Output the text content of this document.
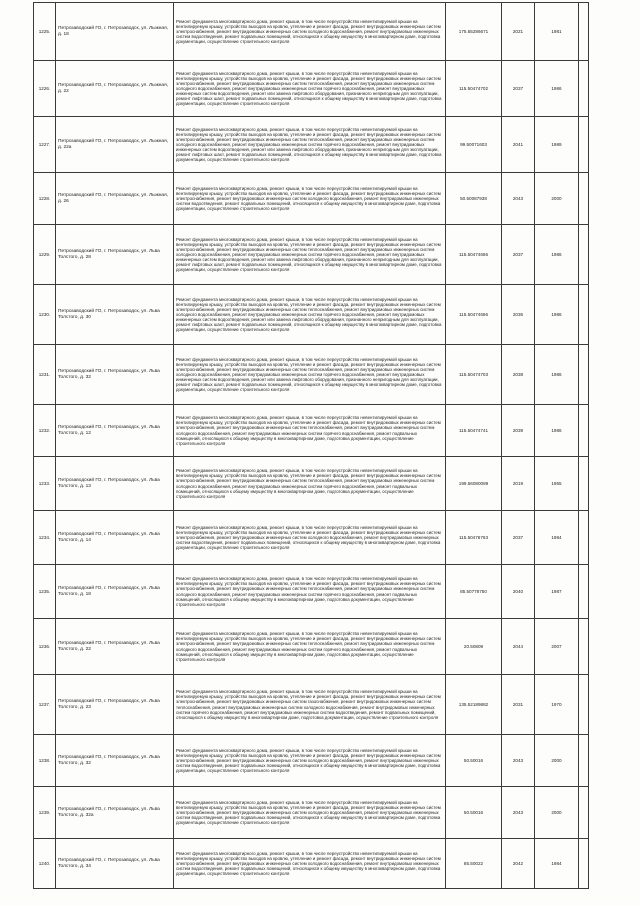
1225.	Петрозаводский ГО, г. Петрозаводск, ул. Лыжная, д. 18	Ремонт фундамента многоквартирного дома, ремонт крыши, в том числе переустройство невентилируемой крыши на вентилируемую крышу, устройство выходов на кровлю, утепление и ремонт фасада, ремонт внутридомовых инженерных систем электроснабжения, ремонт внутридомовых инженерных систем холодного водоснабжения, ремонт внутридомовых инженерных систем водоотведения, ремонт подвальных помещений, относящихся к общему имуществу в многоквартирном доме, подготовка документации, осуществление строительного контроля	175.55286671	2021	1981	
1226.	Петрозаводский ГО, г. Петрозаводск, ул. Лыжная, д. 22	Ремонт фундамента многоквартирного дома, ремонт крыши, в том числе переустройство невентилируемой крыши на вентилируемую крышу, устройство выходов на кровлю, утепление и ремонт фасада, ремонт внутридомовых инженерных систем электроснабжения, ремонт внутридомовых инженерных систем теплоснабжения, ремонт внутридомовых инженерных систем холодного водоснабжения, ремонт внутридомовых инженерных систем горячего водоснабжения, ремонт внутридомовых инженерных систем водоотведения, ремонт или замена лифтового оборудования, признанного непригодным для эксплуатации, ремонт лифтовых шахт, ремонт подвальных помещений, относящихся к общему имуществу в многоквартирном доме, подготовка документации, осуществление строительного контроля	115.50474702	2037	1986	
1227.	Петрозаводский ГО, г. Петрозаводск, ул. Лыжная, д. 22а	Ремонт фундамента многоквартирного дома, ремонт крыши, в том числе переустройство невентилируемой крыши на вентилируемую крышу, устройство выходов на кровлю, утепление и ремонт фасада, ремонт внутридомовых инженерных систем электроснабжения, ремонт внутридомовых инженерных систем теплоснабжения, ремонт внутридомовых инженерных систем холодного водоснабжения, ремонт внутридомовых инженерных систем горячего водоснабжения, ремонт внутридомовых инженерных систем водоотведения, ремонт или замена лифтового оборудования, признанного непригодным для эксплуатации, ремонт лифтовых шахт, ремонт подвальных помещений, относящихся к общему имуществу в многоквартирном доме, подготовка документации, осуществление строительного контроля	99.50071603	2041	1989	
1228.	Петрозаводский ГО, г. Петрозаводск, ул. Лыжная, д. 26	Ремонт фундамента многоквартирного дома, ремонт крыши, в том числе переустройство невентилируемой крыши на вентилируемую крышу, устройство выходов на кровлю, утепление и ремонт фасада, ремонт внутридомовых инженерных систем электроснабжения, ремонт внутридомовых инженерных систем холодного водоснабжения, ремонт внутридомовых инженерных систем водоотведения, ремонт подвальных помещений, относящихся к общему имуществу в многоквартирном доме, подготовка документации, осуществление строительного контроля	50.50087938	2043	2000	
1229.	Петрозаводский ГО, г. Петрозаводск, ул. Льва Толстого, д. 28	Ремонт фундамента многоквартирного дома, ремонт крыши, в том числе переустройство невентилируемой крыши на вентилируемую крышу, устройство выходов на кровлю, утепление и ремонт фасада, ремонт внутридомовых инженерных систем электроснабжения, ремонт внутридомовых инженерных систем теплоснабжения, ремонт внутридомовых инженерных систем холодного водоснабжения, ремонт внутридомовых инженерных систем горячего водоснабжения, ремонт внутридомовых инженерных систем водоотведения, ремонт или замена лифтового оборудования, признанного непригодным для эксплуатации, ремонт лифтовых шахт, ремонт подвальных помещений, относящихся к общему имуществу в многоквартирном доме, подготовка документации, осуществление строительного контроля	115.50474666	2037	1986	
1230.	Петрозаводский ГО, г. Петрозаводск, ул. Льва Толстого, д. 30	Ремонт фундамента многоквартирного дома, ремонт крыши, в том числе переустройство невентилируемой крыши на вентилируемую крышу, устройство выходов на кровлю, утепление и ремонт фасада, ремонт внутридомовых инженерных систем электроснабжения, ремонт внутридомовых инженерных систем теплоснабжения, ремонт внутридомовых инженерных систем холодного водоснабжения, ремонт внутридомовых инженерных систем горячего водоснабжения, ремонт внутридомовых инженерных систем водоотведения, ремонт или замена лифтового оборудования, признанного непригодным для эксплуатации, ремонт лифтовых шахт, ремонт подвальных помещений, относящихся к общему имуществу в многоквартирном доме, подготовка документации, осуществление строительного контроля	115.50474666	2036	1986	
1231.	Петрозаводский ГО, г. Петрозаводск, ул. Льва Толстого, д. 32	Ремонт фундамента многоквартирного дома, ремонт крыши, в том числе переустройство невентилируемой крыши на вентилируемую крышу, устройство выходов на кровлю, утепление и ремонт фасада, ремонт внутридомовых инженерных систем электроснабжения, ремонт внутридомовых инженерных систем теплоснабжения, ремонт внутридомовых инженерных систем холодного водоснабжения, ремонт внутридомовых инженерных систем горячего водоснабжения, ремонт внутридомовых инженерных систем водоотведения, ремонт или замена лифтового оборудования, признанного непригодным для эксплуатации, ремонт лифтовых шахт, ремонт подвальных помещений, относящихся к общему имуществу в многоквартирном доме, подготовка документации, осуществление строительного контроля	115.50474703	2038	1986	
1232.	Петрозаводский ГО, г. Петрозаводск, ул. Льва Толстого, д. 12	Ремонт фундамента многоквартирного дома, ремонт крыши, в том числе переустройство невентилируемой крыши на вентилируемую крышу, устройство выходов на кровлю, утепление и ремонт фасада, ремонт внутридомовых инженерных систем электроснабжения, ремонт внутридомовых инженерных систем теплоснабжения, ремонт внутридомовых инженерных систем холодного водоснабжения, ремонт внутридомовых инженерных систем горячего водоснабжения, ремонт подвальных помещений, относящихся к общему имуществу в многоквартирном доме, подготовка документации, осуществление строительного контроля	115.50474741	2039	1986	
1233.	Петрозаводский ГО, г. Петрозаводск, ул. Льва Толстого, д. 13	Ремонт фундамента многоквартирного дома, ремонт крыши, в том числе переустройство невентилируемой крыши на вентилируемую крышу, устройство выходов на кровлю, утепление и ремонт фасада, ремонт внутридомовых инженерных систем электроснабжения, ремонт внутридомовых инженерных систем теплоснабжения, ремонт внутридомовых инженерных систем холодного водоснабжения, ремонт внутридомовых инженерных систем горячего водоснабжения, ремонт подвальных помещений, относящихся к общему имуществу в многоквартирном доме, подготовка документации, осуществление строительного контроля	199.56080089	2019	1955	
1234.	Петрозаводский ГО, г. Петрозаводск, ул. Льва Толстого, д. 14	Ремонт фундамента многоквартирного дома, ремонт крыши, в том числе переустройство невентилируемой крыши на вентилируемую крышу, устройство выходов на кровлю, утепление и ремонт фасада, ремонт внутридомовых инженерных систем электроснабжения, ремонт внутридомовых инженерных систем холодного водоснабжения, ремонт внутридомовых инженерных систем водоотведения, ремонт подвальных помещений, относящихся к общему имуществу в многоквартирном доме, подготовка документации, осуществление строительного контроля	115.50476763	2037	1984	
1235.	Петрозаводский ГО, г. Петрозаводск, ул. Льва Толстого, д. 18	Ремонт фундамента многоквартирного дома, ремонт крыши, в том числе переустройство невентилируемой крыши на вентилируемую крышу, устройство выходов на кровлю, утепление и ремонт фасада, ремонт внутридомовых инженерных систем электроснабжения, ремонт внутридомовых инженерных систем теплоснабжения, ремонт внутридомовых инженерных систем холодного водоснабжения, ремонт внутридомовых инженерных систем горячего водоснабжения, ремонт подвальных помещений, относящихся к общему имуществу в многоквартирном доме, подготовка документации, осуществление строительного контроля	85.50778750	2040	1987	
1236.	Петрозаводский ГО, г. Петрозаводск, ул. Льва Толстого, д. 22	Ремонт фундамента многоквартирного дома, ремонт крыши, в том числе переустройство невентилируемой крыши на вентилируемую крышу, устройство выходов на кровлю, утепление и ремонт фасада, ремонт внутридомовых инженерных систем электроснабжения, ремонт внутридомовых инженерных систем теплоснабжения, ремонт внутридомовых инженерных систем холодного водоснабжения, ремонт внутридомовых инженерных систем горячего водоснабжения, ремонт подвальных помещений, относящихся к общему имуществу в многоквартирном доме, подготовка документации, осуществление строительного контроля	20.50809	2044	2007	
1237.	Петрозаводский ГО, г. Петрозаводск, ул. Льва Толстого, д. 23	Ремонт фундамента многоквартирного дома, ремонт крыши, в том числе переустройство невентилируемой крыши на вентилируемую крышу, устройство выходов на кровлю, утепление и ремонт фасада, ремонт внутридомовых инженерных систем электроснабжения, ремонт внутридомовых инженерных систем газоснабжения, ремонт внутридомовых инженерных систем теплоснабжения, ремонт внутридомовых инженерных систем холодного водоснабжения, ремонт внутридомовых инженерных систем горячего водоснабжения, ремонт внутридомовых инженерных систем водоотведения, ремонт подвальных помещений, относящихся к общему имуществу в многоквартирном доме, подготовка документации, осуществление строительного контроля	135.52189882	2031	1970	
1238.	Петрозаводский ГО, г. Петрозаводск, ул. Льва Толстого, д. 32	Ремонт фундамента многоквартирного дома, ремонт крыши, в том числе переустройство невентилируемой крыши на вентилируемую крышу, устройство выходов на кровлю, утепление и ремонт фасада, ремонт внутридомовых инженерных систем электроснабжения, ремонт внутридомовых инженерных систем холодного водоснабжения, ремонт внутридомовых инженерных систем водоотведения, ремонт подвальных помещений, относящихся к общему имуществу в многоквартирном доме, подготовка документации, осуществление строительного контроля	50.50016	2043	2000	
1239.	Петрозаводский ГО, г. Петрозаводск, ул. Льва Толстого, д. 32а	Ремонт фундамента многоквартирного дома, ремонт крыши, в том числе переустройство невентилируемой крыши на вентилируемую крышу, устройство выходов на кровлю, утепление и ремонт фасада, ремонт внутридомовых инженерных систем электроснабжения, ремонт внутридомовых инженерных систем холодного водоснабжения, ремонт внутридомовых инженерных систем водоотведения, ремонт подвальных помещений, относящихся к общему имуществу в многоквартирном доме, подготовка документации, осуществление строительного контроля	50.50016	2043	2000	
1240.	Петрозаводский ГО, г. Петрозаводск, ул. Льва Толстого, д. 34	Ремонт фундамента многоквартирного дома, ремонт крыши, в том числе переустройство невентилируемой крыши на вентилируемую крышу, устройство выходов на кровлю, утепление и ремонт фасада, ремонт внутридомовых инженерных систем электроснабжения, ремонт внутридомовых инженерных систем холодного водоснабжения, ремонт внутридомовых инженерных систем водоотведения, ремонт подвальных помещений, относящихся к общему имуществу в многоквартирном доме, подготовка документации, осуществление строительного контроля	85.50022	2042	1984	
